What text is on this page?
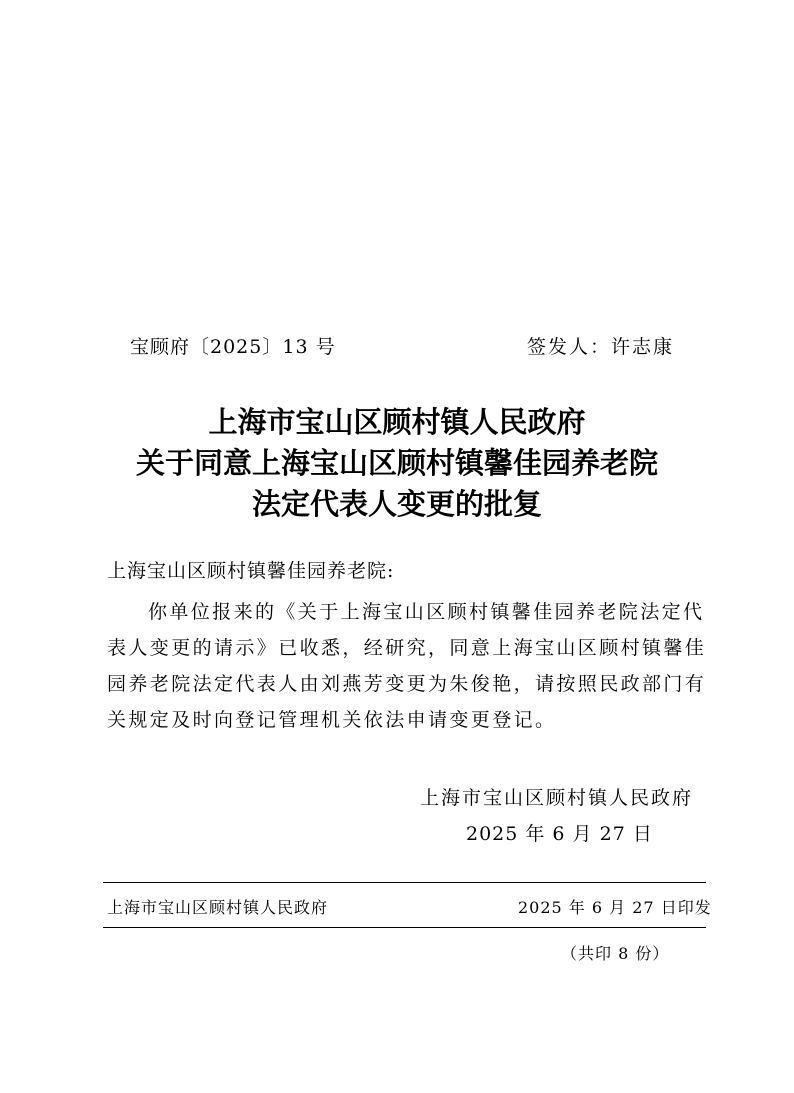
宝顾府〔2025〕13 号	签发人：许志康
上海市宝山区顾村镇人民政府
关于同意上海宝山区顾村镇馨佳园养老院
法定代表人变更的批复
上海宝山区顾村镇馨佳园养老院:
你单位报来的《关于上海宝山区顾村镇馨佳园养老院法定代
表人变更的请示》已收悉，经研究，同意上海宝山区顾村镇馨佳
园养老院法定代表人由刘燕芳变更为朱俊艳，请按照民政部门有
关规定及时向登记管理机关依法申请变更登记。
上海市宝山区顾村镇人民政府
2025 年 6 月 27 日
上海市宝山区顾村镇人民政府	2025 年 6 月 27 日印发
（共印 8 份）
